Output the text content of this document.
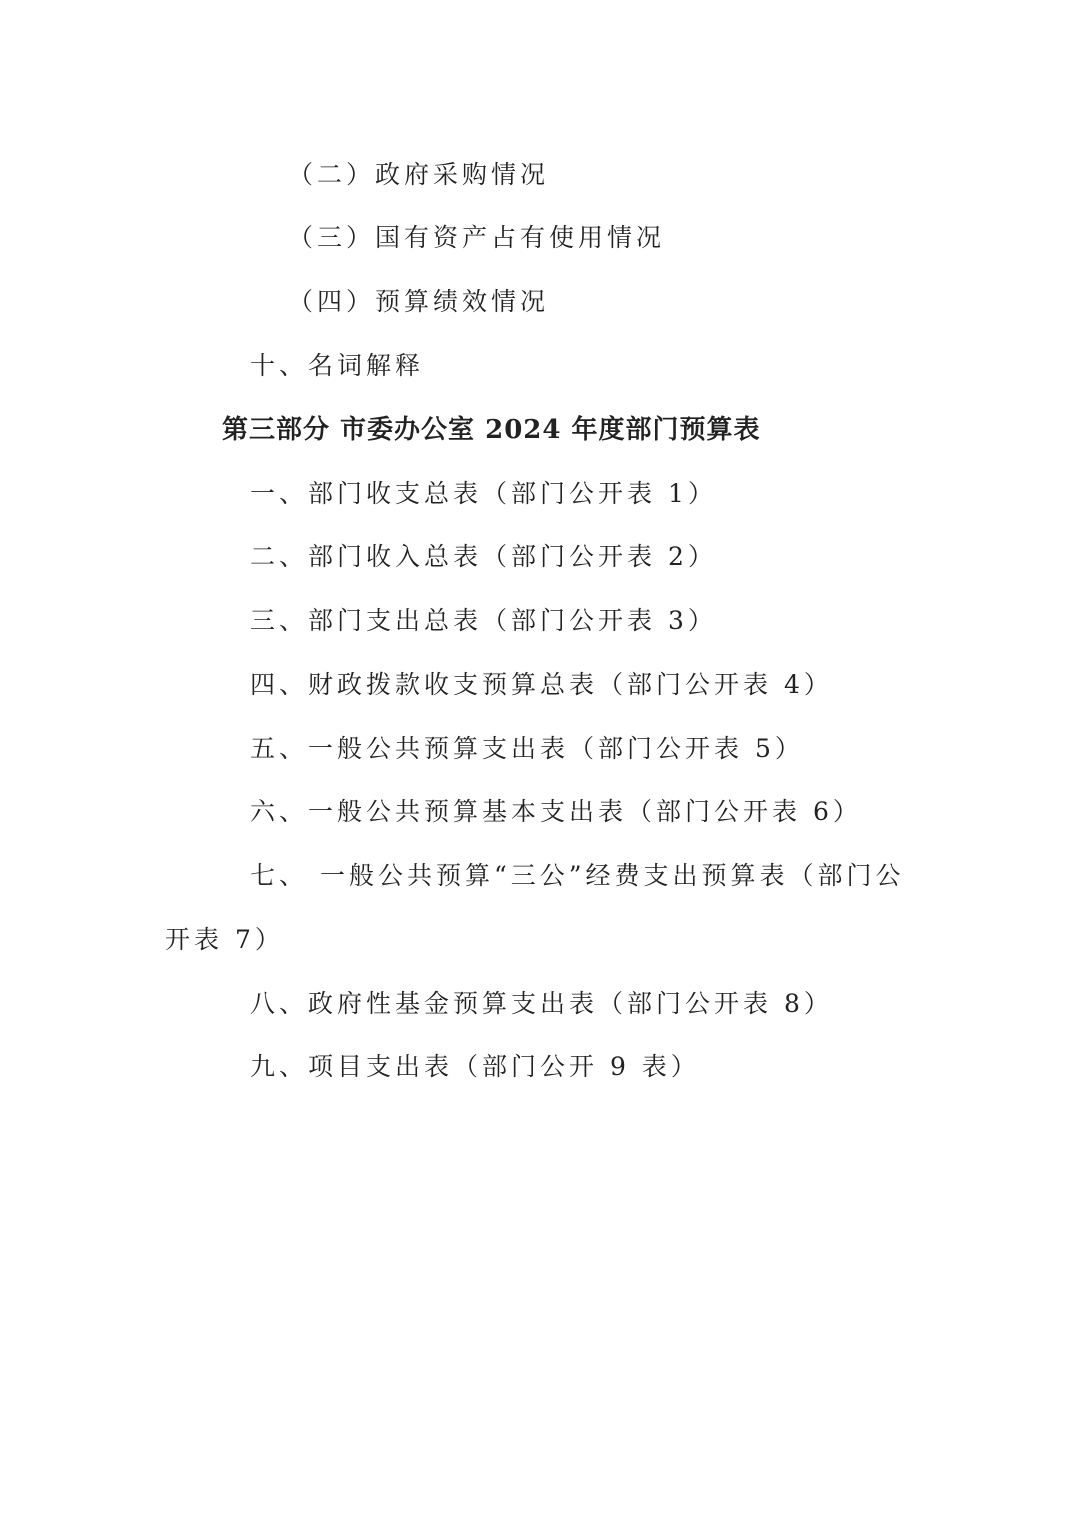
（二）政府采购情况
（三）国有资产占有使用情况
（四）预算绩效情况
十、名词解释
第三部分 市委办公室 2024 年度部门预算表
一、部门收支总表（部门公开表 1）
二、部门收入总表（部门公开表 2）
三、部门支出总表（部门公开表 3）
四、财政拨款收支预算总表（部门公开表 4）
五、一般公共预算支出表（部门公开表 5）
六、一般公共预算基本支出表（部门公开表 6）
七、 一般公共预算“三公”经费支出预算表（部门公
开表 7）
八、政府性基金预算支出表（部门公开表 8）
九、项目支出表（部门公开 9 表）
